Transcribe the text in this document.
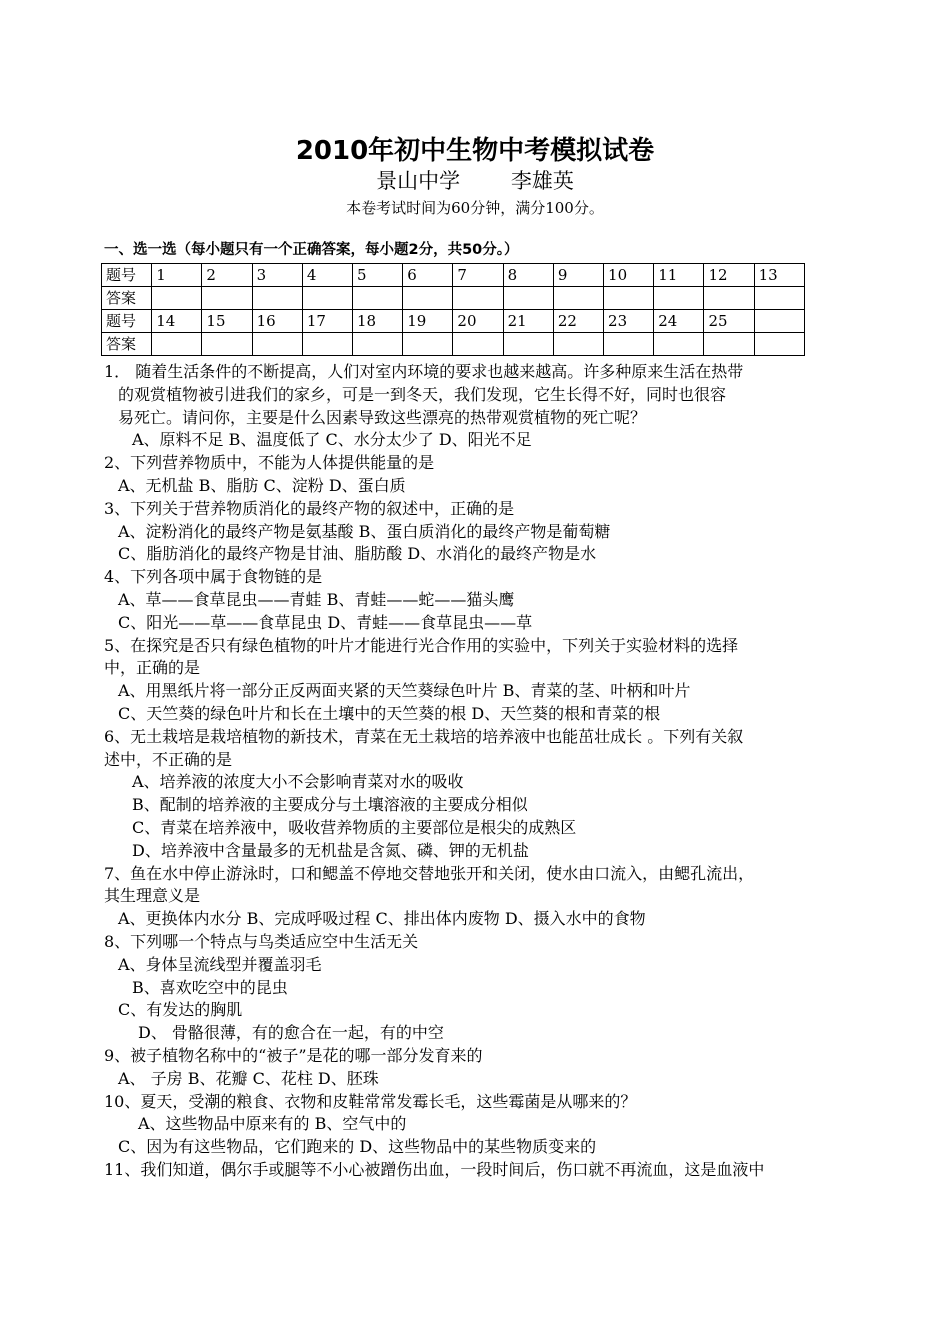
2010年初中生物中考模拟试卷
景山中学 李雄英
本卷考试时间为60分钟，满分100分。
一、选一选（每小题只有一个正确答案，每小题2分，共50分。）
题号	1	2	3	4	5	6	7	8	9	10	11	12	13
答案													
题号	14	15	16	17	18	19	20	21	22	23	24	25	
答案													
1． 随着生活条件的不断提高，人们对室内环境的要求也越来越高。许多种原来生活在热带
的观赏植物被引进我们的家乡，可是一到冬天，我们发现，它生长得不好，同时也很容
易死亡。请问你，主要是什么因素导致这些漂亮的热带观赏植物的死亡呢？
A、原料不足 B、温度低了 C、水分太少了 D、阳光不足
2、下列营养物质中，不能为人体提供能量的是
A、无机盐 B、脂肪 C、淀粉 D、蛋白质
3、下列关于营养物质消化的最终产物的叙述中，正确的是
A、淀粉消化的最终产物是氨基酸 B、蛋白质消化的最终产物是葡萄糖
C、脂肪消化的最终产物是甘油、脂肪酸 D、水消化的最终产物是水
4、下列各项中属于食物链的是
A、草——食草昆虫——青蛙 B、青蛙——蛇——猫头鹰
C、阳光——草——食草昆虫 D、青蛙——食草昆虫——草
5、在探究是否只有绿色植物的叶片才能进行光合作用的实验中，下列关于实验材料的选择
中，正确的是
A、用黑纸片将一部分正反两面夹紧的天竺葵绿色叶片 B、青菜的茎、叶柄和叶片
C、天竺葵的绿色叶片和长在土壤中的天竺葵的根 D、天竺葵的根和青菜的根
6、无土栽培是栽培植物的新技术，青菜在无土栽培的培养液中也能茁壮成长 。下列有关叙
述中，不正确的是
A、培养液的浓度大小不会影响青菜对水的吸收
B、配制的培养液的主要成分与土壤溶液的主要成分相似
C、青菜在培养液中，吸收营养物质的主要部位是根尖的成熟区
D、培养液中含量最多的无机盐是含氮、磷、钾的无机盐
7、鱼在水中停止游泳时，口和鳃盖不停地交替地张开和关闭，使水由口流入，由鳃孔流出，
其生理意义是
A、更换体内水分 B、完成呼吸过程 C、排出体内废物 D、摄入水中的食物
8、下列哪一个特点与鸟类适应空中生活无关
A、身体呈流线型并覆盖羽毛
B、喜欢吃空中的昆虫
C、有发达的胸肌
D、 骨骼很薄，有的愈合在一起，有的中空
9、被子植物名称中的“被子”是花的哪一部分发育来的
A、 子房 B、花瓣 C、花柱 D、胚珠
10、夏天，受潮的粮食、衣物和皮鞋常常发霉长毛，这些霉菌是从哪来的？
A、这些物品中原来有的 B、空气中的
C、因为有这些物品，它们跑来的 D、这些物品中的某些物质变来的
11、我们知道，偶尔手或腿等不小心被蹭伤出血，一段时间后，伤口就不再流血，这是血液中
